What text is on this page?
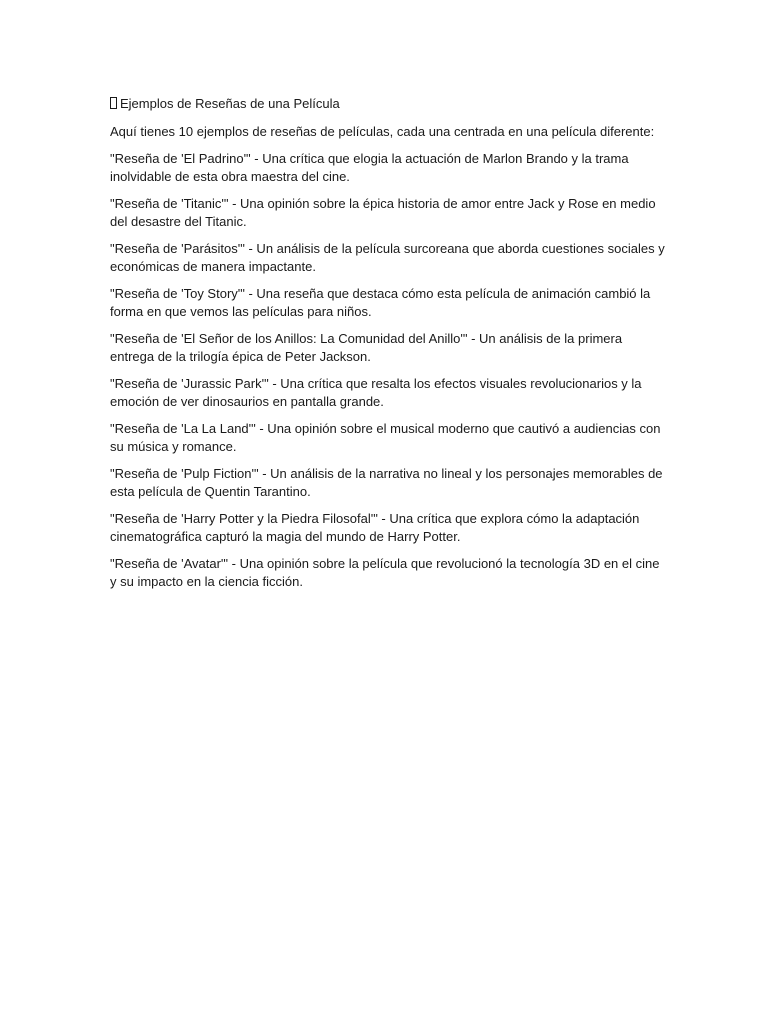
Ejemplos de Reseñas de una Película

Aquí tienes 10 ejemplos de reseñas de películas, cada una centrada en una película diferente:

"Reseña de 'El Padrino'" - Una crítica que elogia la actuación de Marlon Brando y la trama inolvidable de esta obra maestra del cine.

"Reseña de 'Titanic'" - Una opinión sobre la épica historia de amor entre Jack y Rose en medio del desastre del Titanic.

"Reseña de 'Parásitos'" - Un análisis de la película surcoreana que aborda cuestiones sociales y económicas de manera impactante.

"Reseña de 'Toy Story'" - Una reseña que destaca cómo esta película de animación cambió la forma en que vemos las películas para niños.

"Reseña de 'El Señor de los Anillos: La Comunidad del Anillo'" - Un análisis de la primera entrega de la trilogía épica de Peter Jackson.

"Reseña de 'Jurassic Park'" - Una crítica que resalta los efectos visuales revolucionarios y la emoción de ver dinosaurios en pantalla grande.

"Reseña de 'La La Land'" - Una opinión sobre el musical moderno que cautivó a audiencias con su música y romance.

"Reseña de 'Pulp Fiction'" - Un análisis de la narrativa no lineal y los personajes memorables de esta película de Quentin Tarantino.

"Reseña de 'Harry Potter y la Piedra Filosofal'" - Una crítica que explora cómo la adaptación cinematográfica capturó la magia del mundo de Harry Potter.

"Reseña de 'Avatar'" - Una opinión sobre la película que revolucionó la tecnología 3D en el cine y su impacto en la ciencia ficción.
